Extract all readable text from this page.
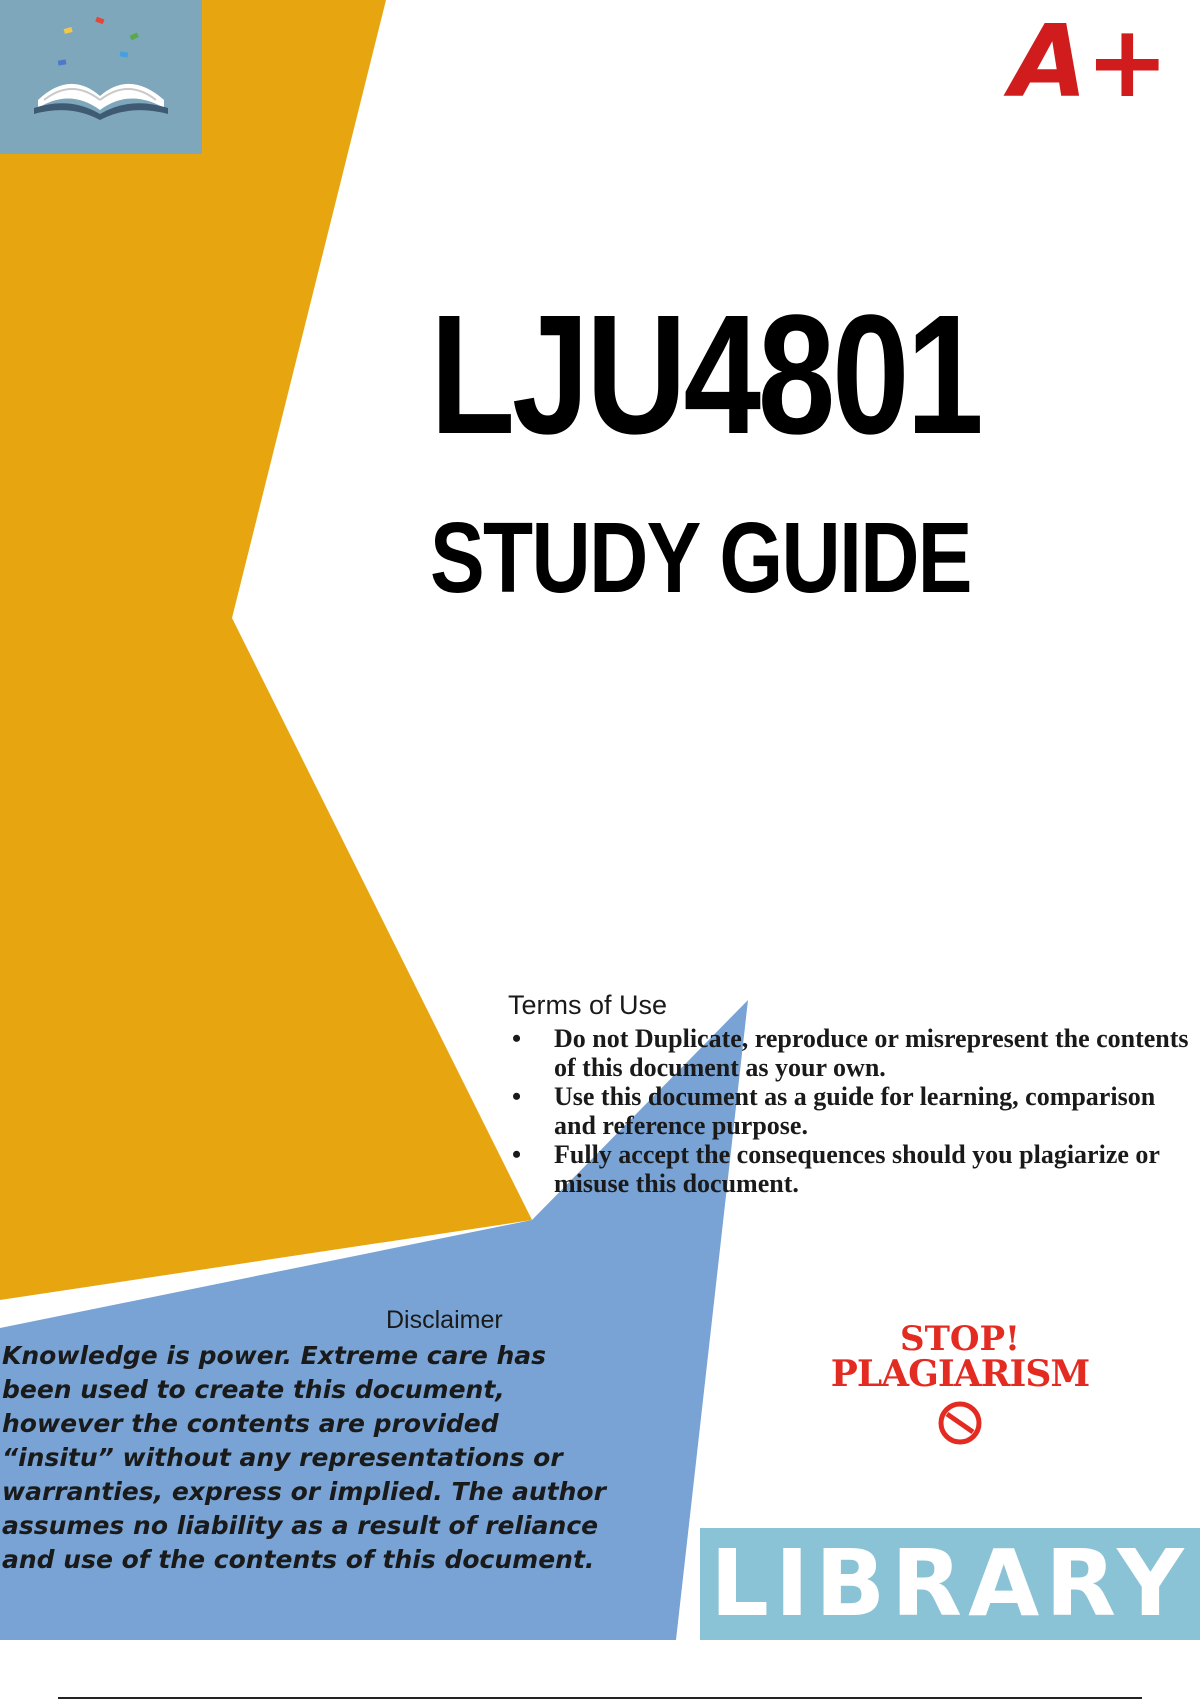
A+
LJU4801
STUDY GUIDE
Terms of Use
• Do not Duplicate, reproduce or misrepresent the contents of this document as your own.
• Use this document as a guide for learning, comparison and reference purpose.
• Fully accept the consequences should you plagiarize or misuse this document.
Disclaimer
Knowledge is power. Extreme care has
been used to create this document,
however the contents are provided
“insitu” without any representations or
warranties, express or implied. The author
assumes no liability as a result of reliance
and use of the contents of this document.
STOP!
PLAGIARISM
LIBRARY
